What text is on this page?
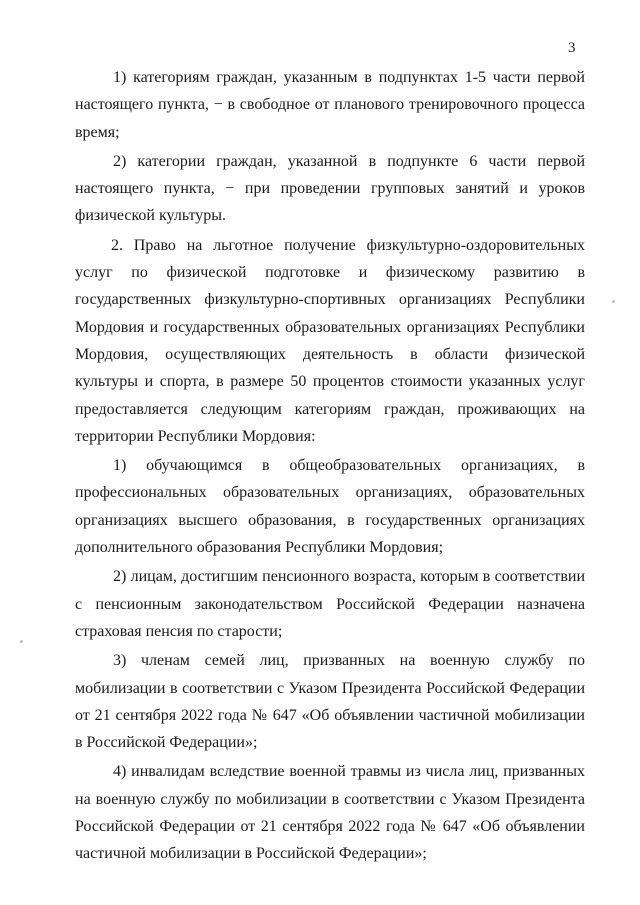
3

1) категориям граждан, указанным в подпунктах 1-5 части первой настоящего пункта, − в свободное от планового тренировочного процесса время;

2) категории граждан, указанной в подпункте 6 части первой настоящего пункта, − при проведении групповых занятий и уроков физической культуры.

2. Право на льготное получение физкультурно-оздоровительных услуг по физической подготовке и физическому развитию в государственных физкультурно-спортивных организациях Республики Мордовия и государственных образовательных организациях Республики Мордовия, осуществляющих деятельность в области физической культуры и спорта, в размере 50 процентов стоимости указанных услуг предоставляется следующим категориям граждан, проживающих на территории Республики Мордовия:

1) обучающимся в общеобразовательных организациях, в профессиональных образовательных организациях, образовательных организациях высшего образования, в государственных организациях дополнительного образования Республики Мордовия;

2) лицам, достигшим пенсионного возраста, которым в соответствии с пенсионным законодательством Российской Федерации назначена страховая пенсия по старости;

3) членам семей лиц, призванных на военную службу по мобилизации в соответствии с Указом Президента Российской Федерации от 21 сентября 2022 года № 647 «Об объявлении частичной мобилизации в Российской Федерации»;

4) инвалидам вследствие военной травмы из числа лиц, призванных на военную службу по мобилизации в соответствии с Указом Президента Российской Федерации от 21 сентября 2022 года № 647 «Об объявлении частичной мобилизации в Российской Федерации»;
